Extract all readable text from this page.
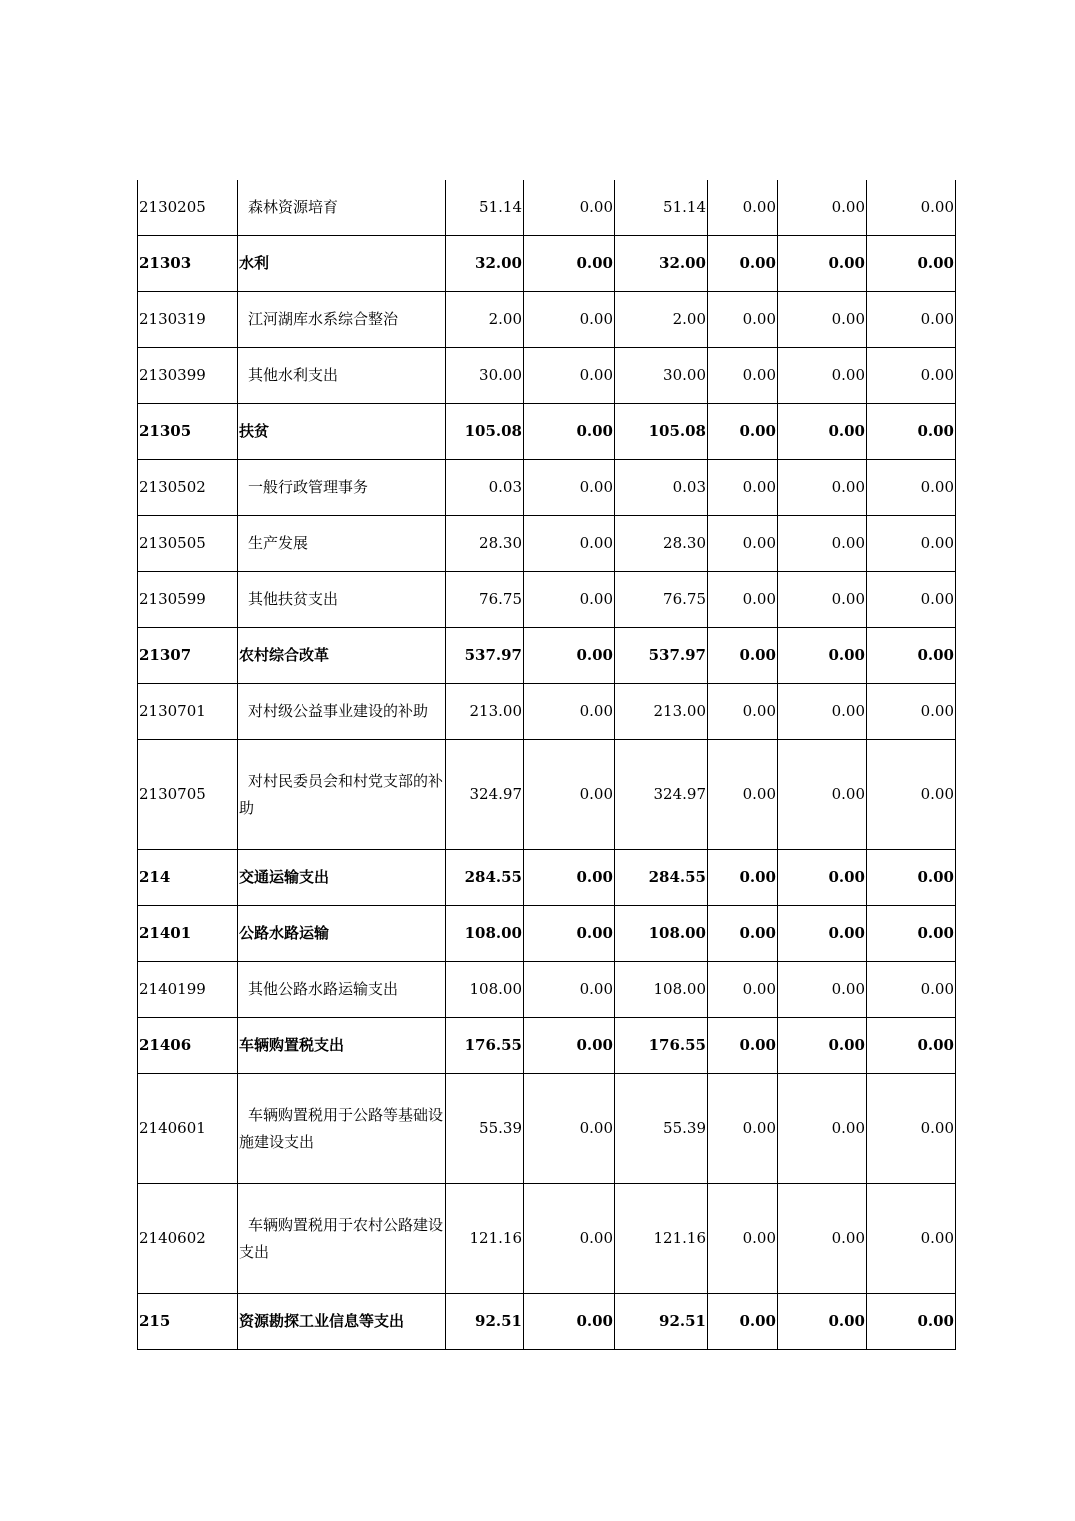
2130205	森林资源培育	51.14	0.00	51.14	0.00	0.00	0.00
21303	水利	32.00	0.00	32.00	0.00	0.00	0.00
2130319	江河湖库水系综合整治	2.00	0.00	2.00	0.00	0.00	0.00
2130399	其他水利支出	30.00	0.00	30.00	0.00	0.00	0.00
21305	扶贫	105.08	0.00	105.08	0.00	0.00	0.00
2130502	一般行政管理事务	0.03	0.00	0.03	0.00	0.00	0.00
2130505	生产发展	28.30	0.00	28.30	0.00	0.00	0.00
2130599	其他扶贫支出	76.75	0.00	76.75	0.00	0.00	0.00
21307	农村综合改革	537.97	0.00	537.97	0.00	0.00	0.00
2130701	对村级公益事业建设的补助	213.00	0.00	213.00	0.00	0.00	0.00
2130705	对村民委员会和村党支部的补助	324.97	0.00	324.97	0.00	0.00	0.00
214	交通运输支出	284.55	0.00	284.55	0.00	0.00	0.00
21401	公路水路运输	108.00	0.00	108.00	0.00	0.00	0.00
2140199	其他公路水路运输支出	108.00	0.00	108.00	0.00	0.00	0.00
21406	车辆购置税支出	176.55	0.00	176.55	0.00	0.00	0.00
2140601	车辆购置税用于公路等基础设施建设支出	55.39	0.00	55.39	0.00	0.00	0.00
2140602	车辆购置税用于农村公路建设支出	121.16	0.00	121.16	0.00	0.00	0.00
215	资源勘探工业信息等支出	92.51	0.00	92.51	0.00	0.00	0.00
